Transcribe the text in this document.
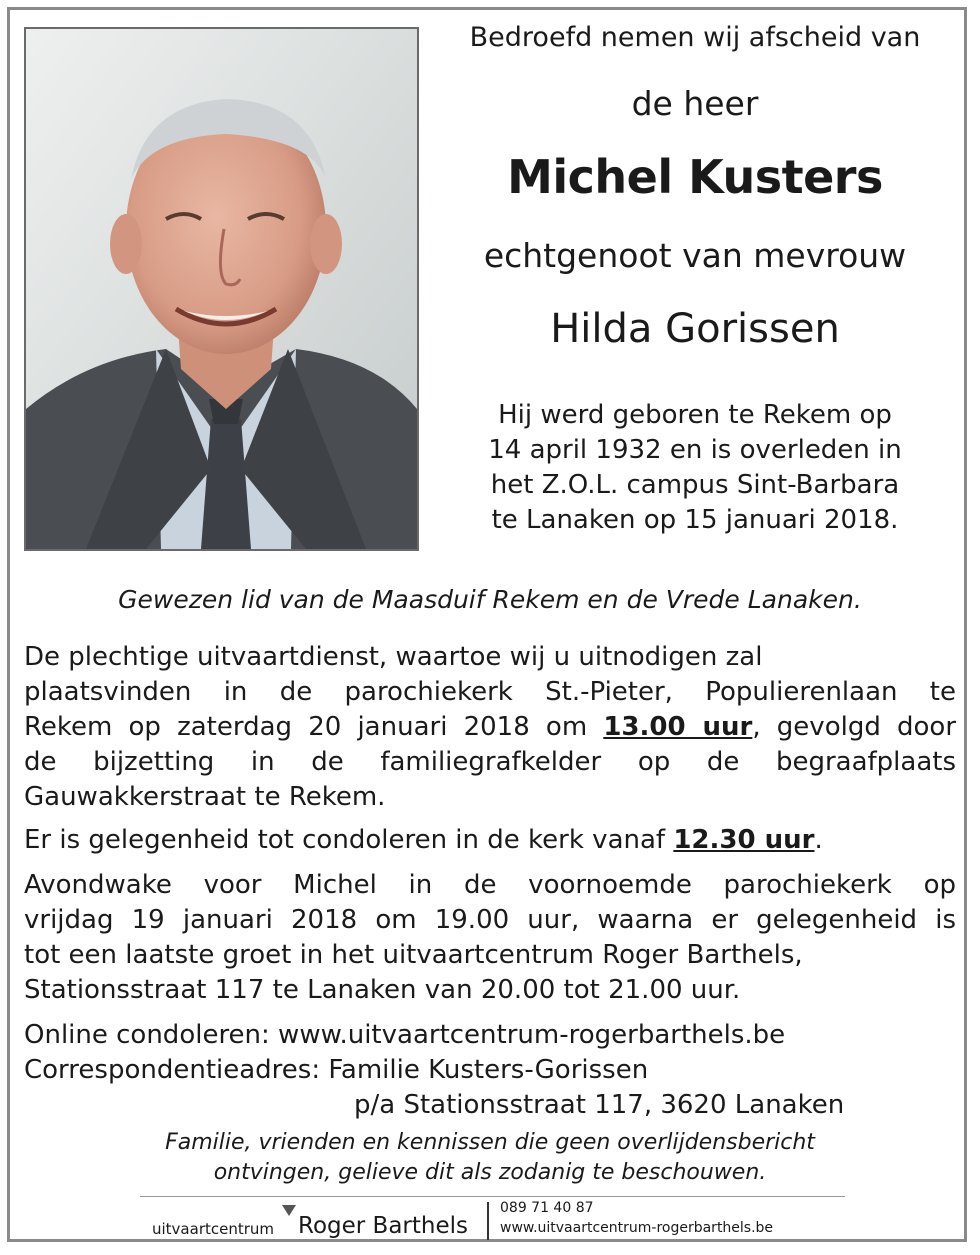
Bedroefd nemen wij afscheid van
de heer
Michel Kusters
echtgenoot van mevrouw
Hilda Gorissen
Hij werd geboren te Rekem op
14 april 1932 en is overleden in
het Z.O.L. campus Sint-Barbara
te Lanaken op 15 januari 2018.
Gewezen lid van de Maasduif Rekem en de Vrede Lanaken.
De plechtige uitvaartdienst, waartoe wij u uitnodigen zal
plaatsvinden in de parochiekerk St.-Pieter, Populierenlaan te
Rekem op zaterdag 20 januari 2018 om 13.00 uur, gevolgd door
de bijzetting in de familiegrafkelder op de begraafplaats
Gauwakkerstraat te Rekem.
Er is gelegenheid tot condoleren in de kerk vanaf 12.30 uur.
Avondwake voor Michel in de voornoemde parochiekerk op
vrijdag 19 januari 2018 om 19.00 uur, waarna er gelegenheid is
tot een laatste groet in het uitvaartcentrum Roger Barthels,
Stationsstraat 117 te Lanaken van 20.00 tot 21.00 uur.
Online condoleren: www.uitvaartcentrum-rogerbarthels.be
Correspondentieadres: Familie Kusters-Gorissen
p/a Stationsstraat 117, 3620 Lanaken
Familie, vrienden en kennissen die geen overlijdensbericht
ontvingen, gelieve dit als zodanig te beschouwen.
uitvaartcentrum Roger Barthels
089 71 40 87
www.uitvaartcentrum-rogerbarthels.be
